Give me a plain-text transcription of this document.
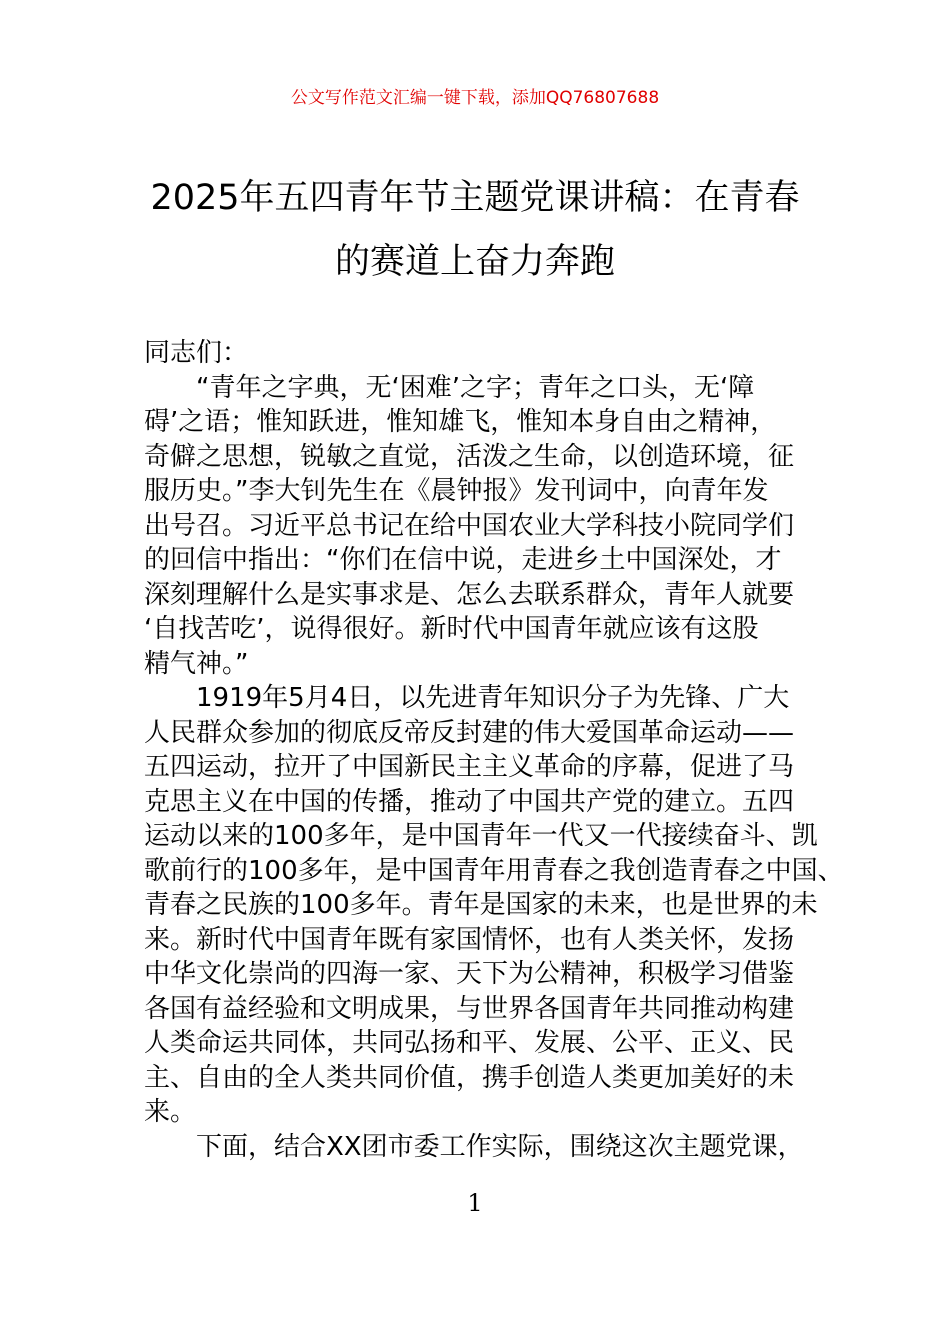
公文写作范文汇编一键下载，添加QQ76807688
2025年五四青年节主题党课讲稿：在青春
的赛道上奋力奔跑
同志们：
“青年之字典，无‘困难’之字；青年之口头，无‘障
碍’之语；惟知跃进，惟知雄飞，惟知本身自由之精神，
奇僻之思想，锐敏之直觉，活泼之生命，以创造环境，征
服历史。”李大钊先生在《晨钟报》发刊词中，向青年发
出号召。习近平总书记在给中国农业大学科技小院同学们
的回信中指出：“你们在信中说，走进乡土中国深处，才
深刻理解什么是实事求是、怎么去联系群众，青年人就要
‘自找苦吃’，说得很好。新时代中国青年就应该有这股
精气神。”
1919年5月4日，以先进青年知识分子为先锋、广大
人民群众参加的彻底反帝反封建的伟大爱国革命运动——
五四运动，拉开了中国新民主主义革命的序幕，促进了马
克思主义在中国的传播，推动了中国共产党的建立。五四
运动以来的100多年，是中国青年一代又一代接续奋斗、凯
歌前行的100多年，是中国青年用青春之我创造青春之中国、
青春之民族的100多年。青年是国家的未来，也是世界的未
来。新时代中国青年既有家国情怀，也有人类关怀，发扬
中华文化崇尚的四海一家、天下为公精神，积极学习借鉴
各国有益经验和文明成果，与世界各国青年共同推动构建
人类命运共同体，共同弘扬和平、发展、公平、正义、民
主、自由的全人类共同价值，携手创造人类更加美好的未
来。
下面，结合XX团市委工作实际，围绕这次主题党课，
1
